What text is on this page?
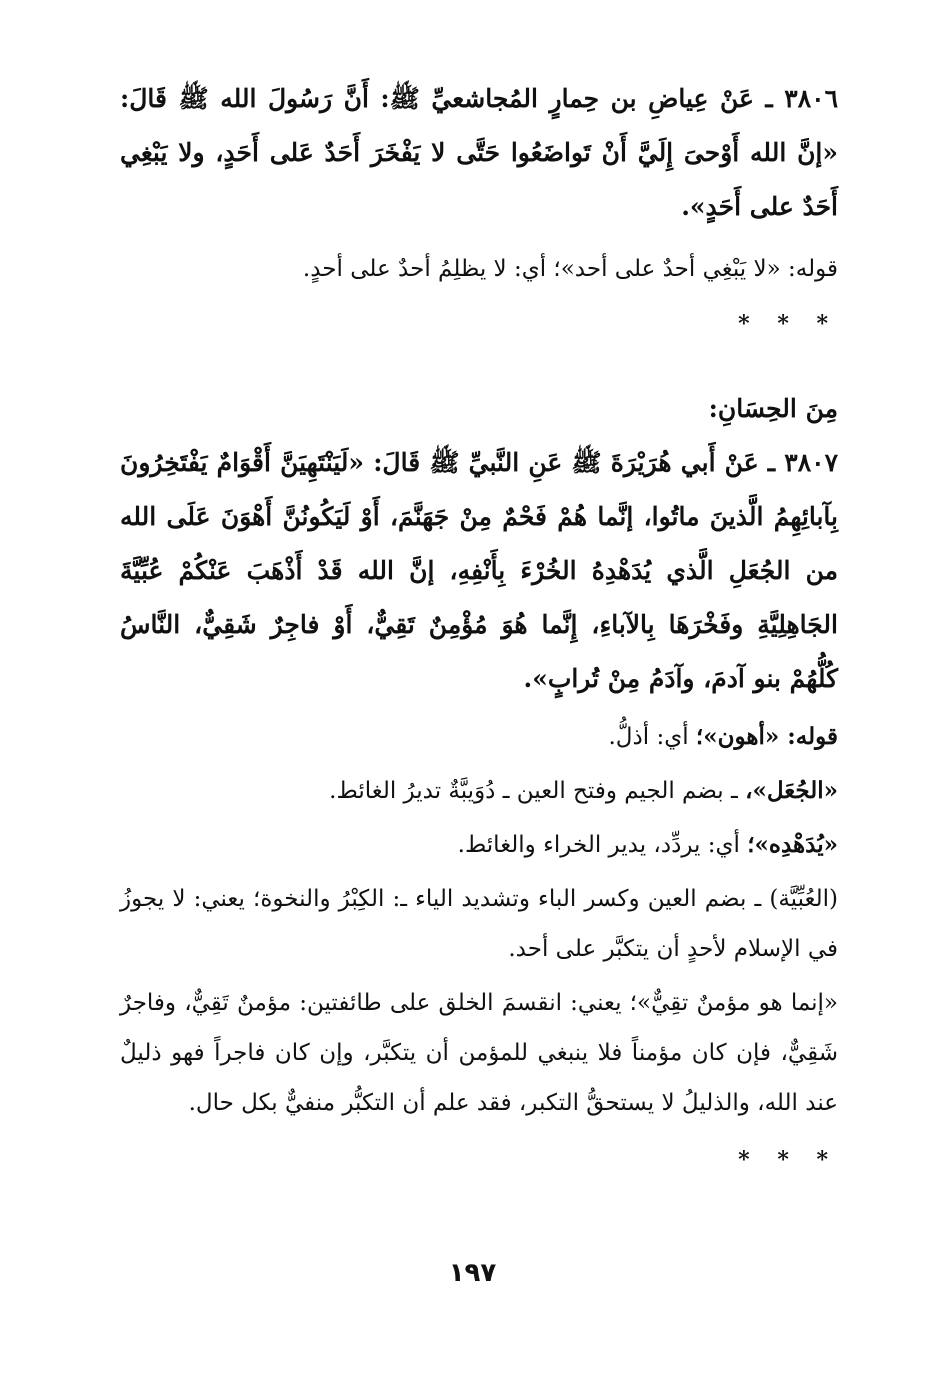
٣٨٠٦ ـ عَنْ عِياضِ بن حِمارٍ المُجاشعيِّ ﷺ: أَنَّ رَسُولَ الله ﷺ قَالَ: «إنَّ الله أَوْحىَ إِلَيَّ أَنْ تَواضَعُوا حَتَّى لا يَفْخَرَ أَحَدٌ عَلى أَحَدٍ، ولا يَبْغِي أَحَدٌ على أَحَدٍ».

قوله: «لا يَبْغِي أحدٌ على أحد»؛ أي: لا يظلِمُ أحدٌ على أحدٍ.

* * *

مِنَ الحِسَانِ:

٣٨٠٧ ـ عَنْ أَبي هُرَيْرَةَ ﷺ عَنِ النَّبيِّ ﷺ قَالَ: «لَيَنْتَهِيَنَّ أَقْوَامٌ يَفْتَخِرُونَ بِآبائِهِمُ الَّذينَ ماتُوا، إنَّما هُمْ فَحْمٌ مِنْ جَهَنَّمَ، أَوْ لَيَكُونُنَّ أَهْوَنَ عَلَى الله من الجُعَلِ الَّذي يُدَهْدِهُ الخُرْءَ بِأَنْفِهِ، إنَّ الله قَدْ أَذْهَبَ عَنْكُمْ عُبِّيَّةَ الجَاهِلِيَّةِ وفَخْرَهَا بِالآباءِ، إِنَّما هُوَ مُؤْمِنٌ تَقِيٌّ، أَوْ فاجِرٌ شَقِيٌّ، النَّاسُ كُلُّهُمْ بنو آدمَ، وآدَمُ مِنْ تُرابٍ».

قوله: «أهون»؛ أي: أذلُّ.

«الجُعَل»، ـ بضم الجيم وفتح العين ـ دُوَيبَّةٌ تديرُ الغائط.

«يُدَهْدِه»؛ أي: يردِّد، يدير الخراء والغائط.

(العُبِّيَّة) ـ بضم العين وكسر الباء وتشديد الياء ـ: الكِبْرُ والنخوة؛ يعني: لا يجوزُ في الإسلام لأحدٍ أن يتكبَّر على أحد.

«إنما هو مؤمنٌ تقِيٌّ»؛ يعني: انقسمَ الخلق على طائفتين: مؤمنٌ تَقِيٌّ، وفاجرٌ شَقِيٌّ، فإن كان مؤمناً فلا ينبغي للمؤمن أن يتكبَّر، وإن كان فاجراً فهو ذليلٌ عند الله، والذليلُ لا يستحقُّ التكبر، فقد علم أن التكبُّر منفيٌّ بكل حال.

* * *
١٩٧
